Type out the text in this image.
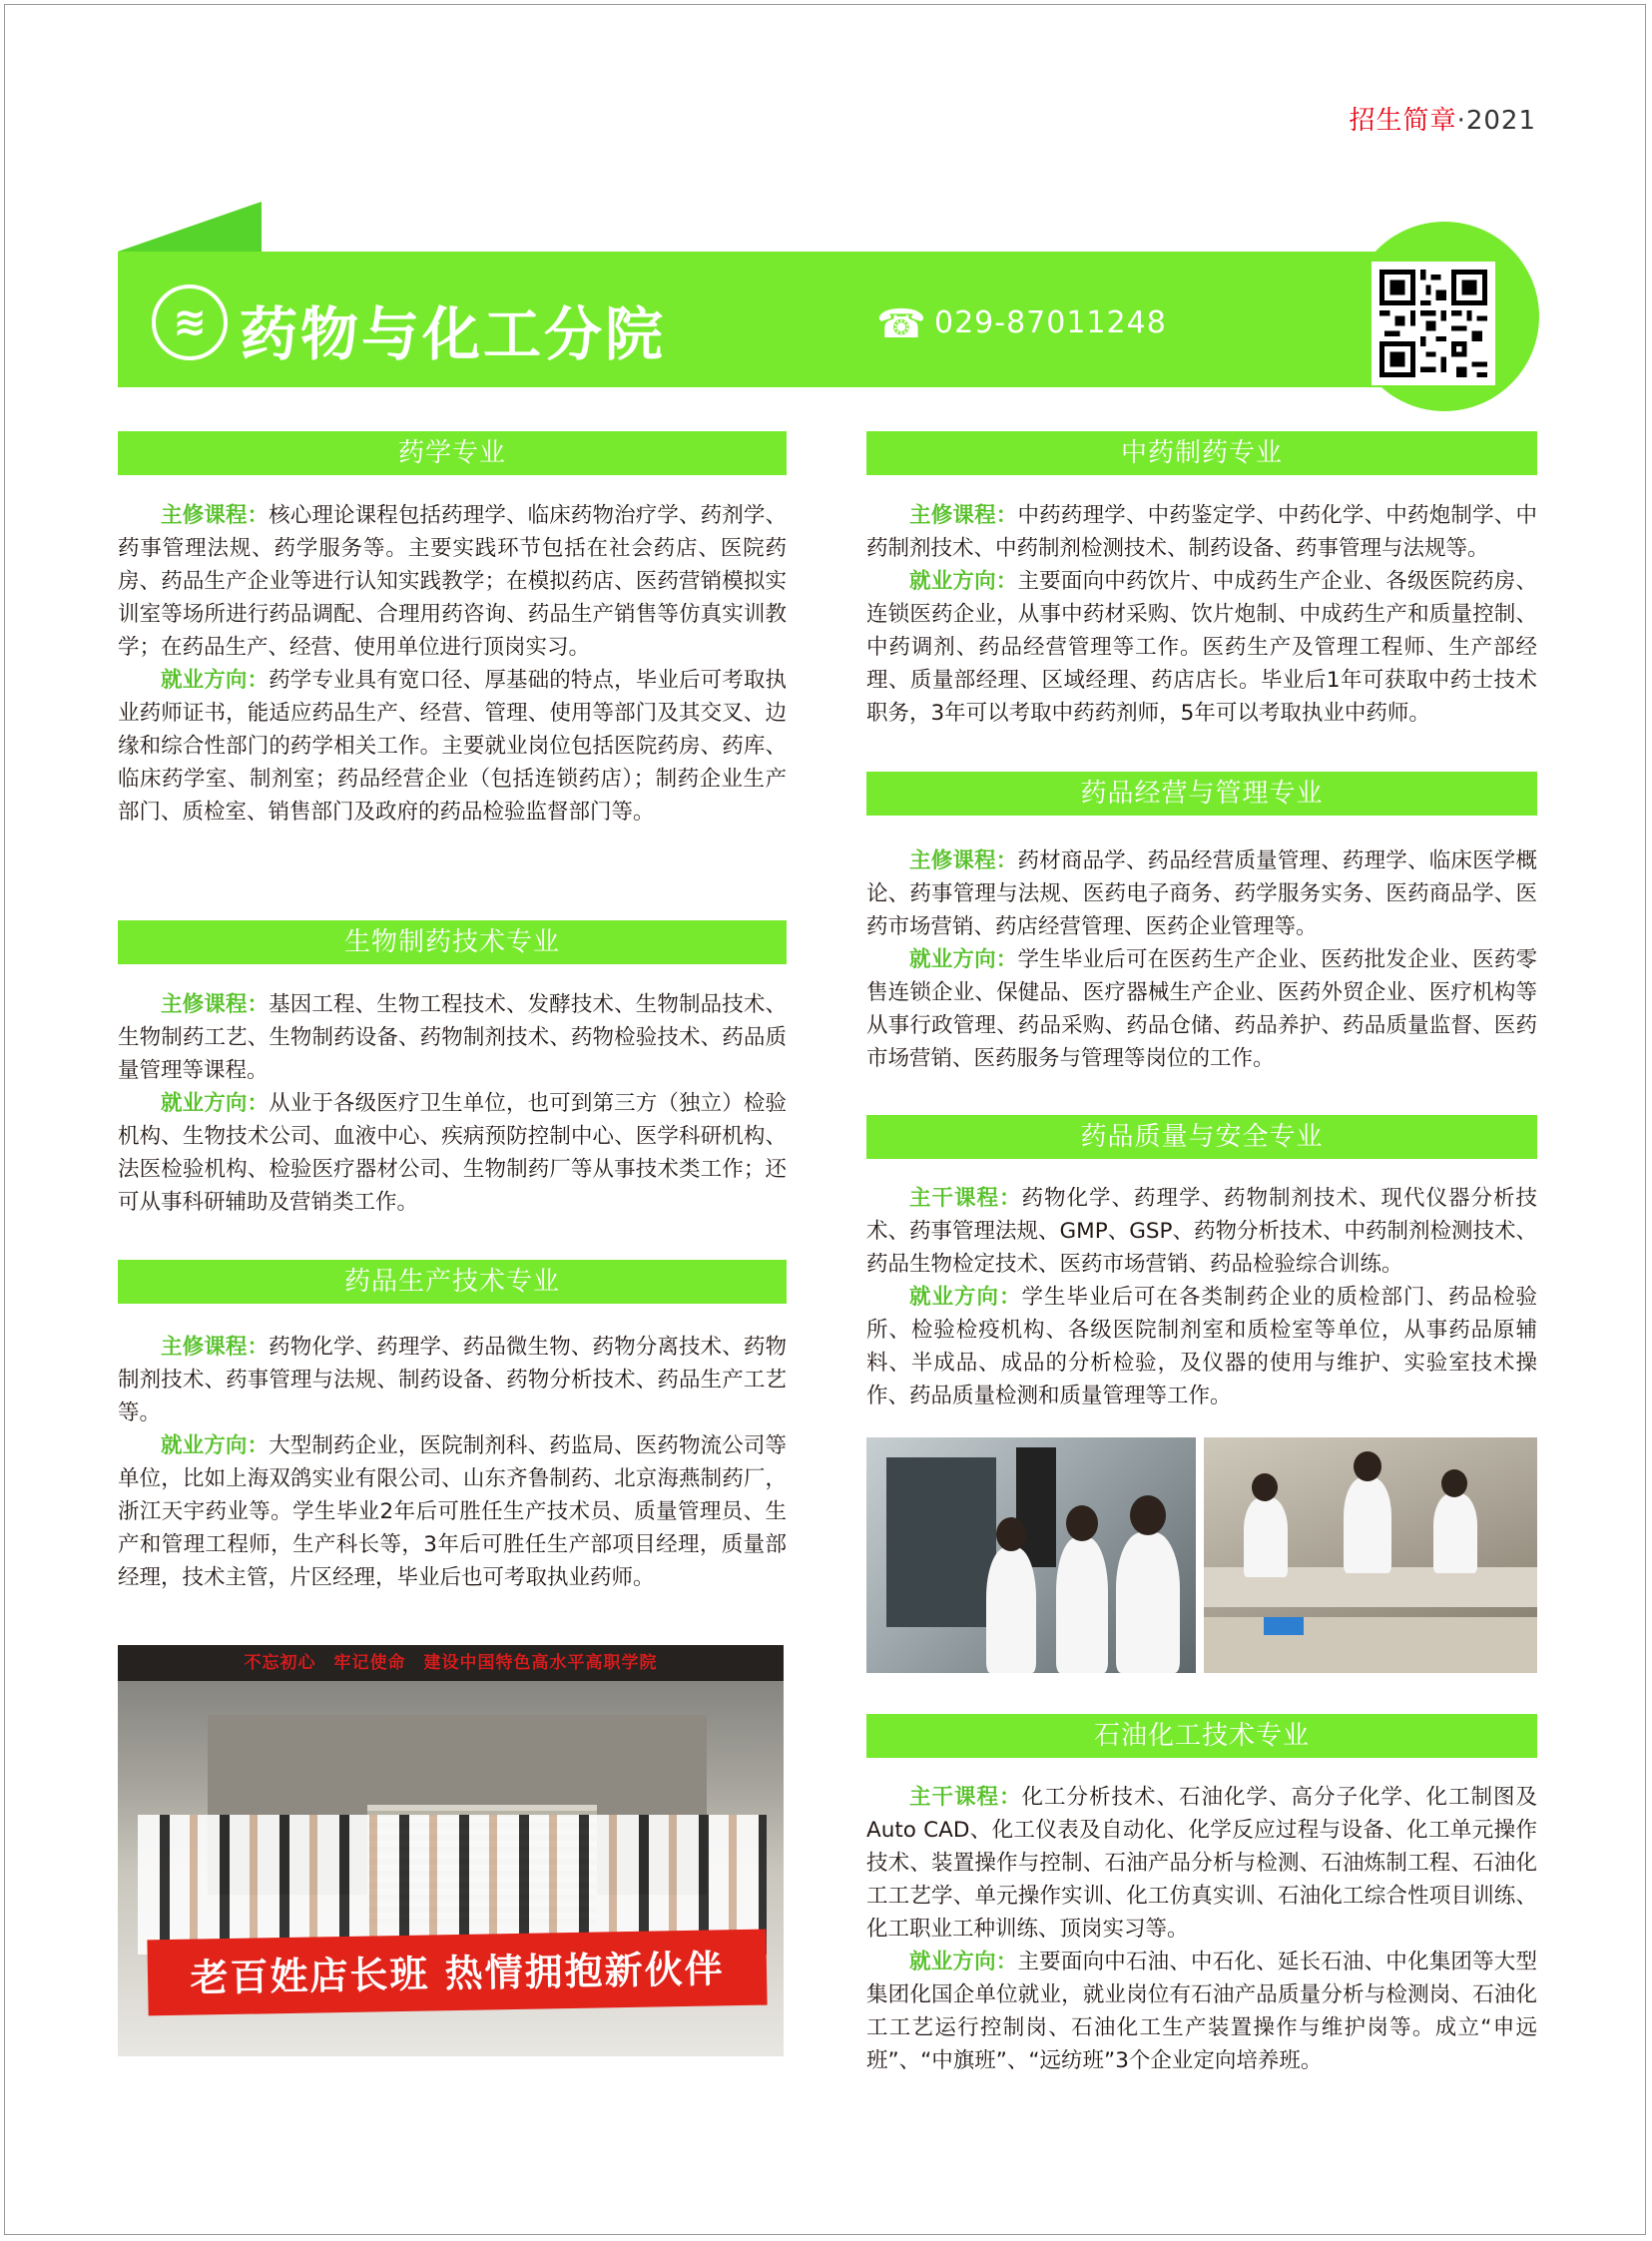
招生简章·2021
≋ 药物与化工分院	☎ 029-87011248
药学专业

主修课程：核心理论课程包括药理学、临床药物治疗学、药剂学、药事管理法规、药学服务等。主要实践环节包括在社会药店、医院药房、药品生产企业等进行认知实践教学；在模拟药店、医药营销模拟实训室等场所进行药品调配、合理用药咨询、药品生产销售等仿真实训教学；在药品生产、经营、使用单位进行顶岗实习。

就业方向：药学专业具有宽口径、厚基础的特点，毕业后可考取执业药师证书，能适应药品生产、经营、管理、使用等部门及其交叉、边缘和综合性部门的药学相关工作。主要就业岗位包括医院药房、药库、临床药学室、制剂室；药品经营企业（包括连锁药店）；制药企业生产部门、质检室、销售部门及政府的药品检验监督部门等。

生物制药技术专业

主修课程：基因工程、生物工程技术、发酵技术、生物制品技术、生物制药工艺、生物制药设备、药物制剂技术、药物检验技术、药品质量管理等课程。

就业方向：从业于各级医疗卫生单位，也可到第三方（独立）检验机构、生物技术公司、血液中心、疾病预防控制中心、医学科研机构、法医检验机构、检验医疗器材公司、生物制药厂等从事技术类工作；还可从事科研辅助及营销类工作。

药品生产技术专业

主修课程：药物化学、药理学、药品微生物、药物分离技术、药物制剂技术、药事管理与法规、制药设备、药物分析技术、药品生产工艺等。

就业方向：大型制药企业，医院制剂科、药监局、医药物流公司等单位，比如上海双鸽实业有限公司、山东齐鲁制药、北京海燕制药厂，浙江天宇药业等。学生毕业2年后可胜任生产技术员、质量管理员、生产和管理工程师，生产科长等，3年后可胜任生产部项目经理，质量部经理，技术主管，片区经理，毕业后也可考取执业药师。

不忘初心　牢记使命　建设中国特色高水平高职学院
老百姓店长班 热情拥抱新伙伴
中药制药专业

主修课程：中药药理学、中药鉴定学、中药化学、中药炮制学、中药制剂技术、中药制剂检测技术、制药设备、药事管理与法规等。

就业方向：主要面向中药饮片、中成药生产企业、各级医院药房、连锁医药企业，从事中药材采购、饮片炮制、中成药生产和质量控制、中药调剂、药品经营管理等工作。医药生产及管理工程师、生产部经理、质量部经理、区域经理、药店店长。毕业后1年可获取中药士技术职务，3年可以考取中药药剂师，5年可以考取执业中药师。

药品经营与管理专业

主修课程：药材商品学、药品经营质量管理、药理学、临床医学概论、药事管理与法规、医药电子商务、药学服务实务、医药商品学、医药市场营销、药店经营管理、医药企业管理等。

就业方向：学生毕业后可在医药生产企业、医药批发企业、医药零售连锁企业、保健品、医疗器械生产企业、医药外贸企业、医疗机构等从事行政管理、药品采购、药品仓储、药品养护、药品质量监督、医药市场营销、医药服务与管理等岗位的工作。

药品质量与安全专业

主干课程：药物化学、药理学、药物制剂技术、现代仪器分析技术、药事管理法规、GMP、GSP、药物分析技术、中药制剂检测技术、药品生物检定技术、医药市场营销、药品检验综合训练。

就业方向：学生毕业后可在各类制药企业的质检部门、药品检验所、检验检疫机构、各级医院制剂室和质检室等单位，从事药品原辅料、半成品、成品的分析检验，及仪器的使用与维护、实验室技术操作、药品质量检测和质量管理等工作。

石油化工技术专业

主干课程：化工分析技术、石油化学、高分子化学、化工制图及Auto CAD、化工仪表及自动化、化学反应过程与设备、化工单元操作技术、装置操作与控制、石油产品分析与检测、石油炼制工程、石油化工工艺学、单元操作实训、化工仿真实训、石油化工综合性项目训练、化工职业工种训练、顶岗实习等。

就业方向：主要面向中石油、中石化、延长石油、中化集团等大型集团化国企单位就业，就业岗位有石油产品质量分析与检测岗、石油化工工艺运行控制岗、石油化工生产装置操作与维护岗等。成立“申远班”、“中旗班”、“远纺班”3个企业定向培养班。
